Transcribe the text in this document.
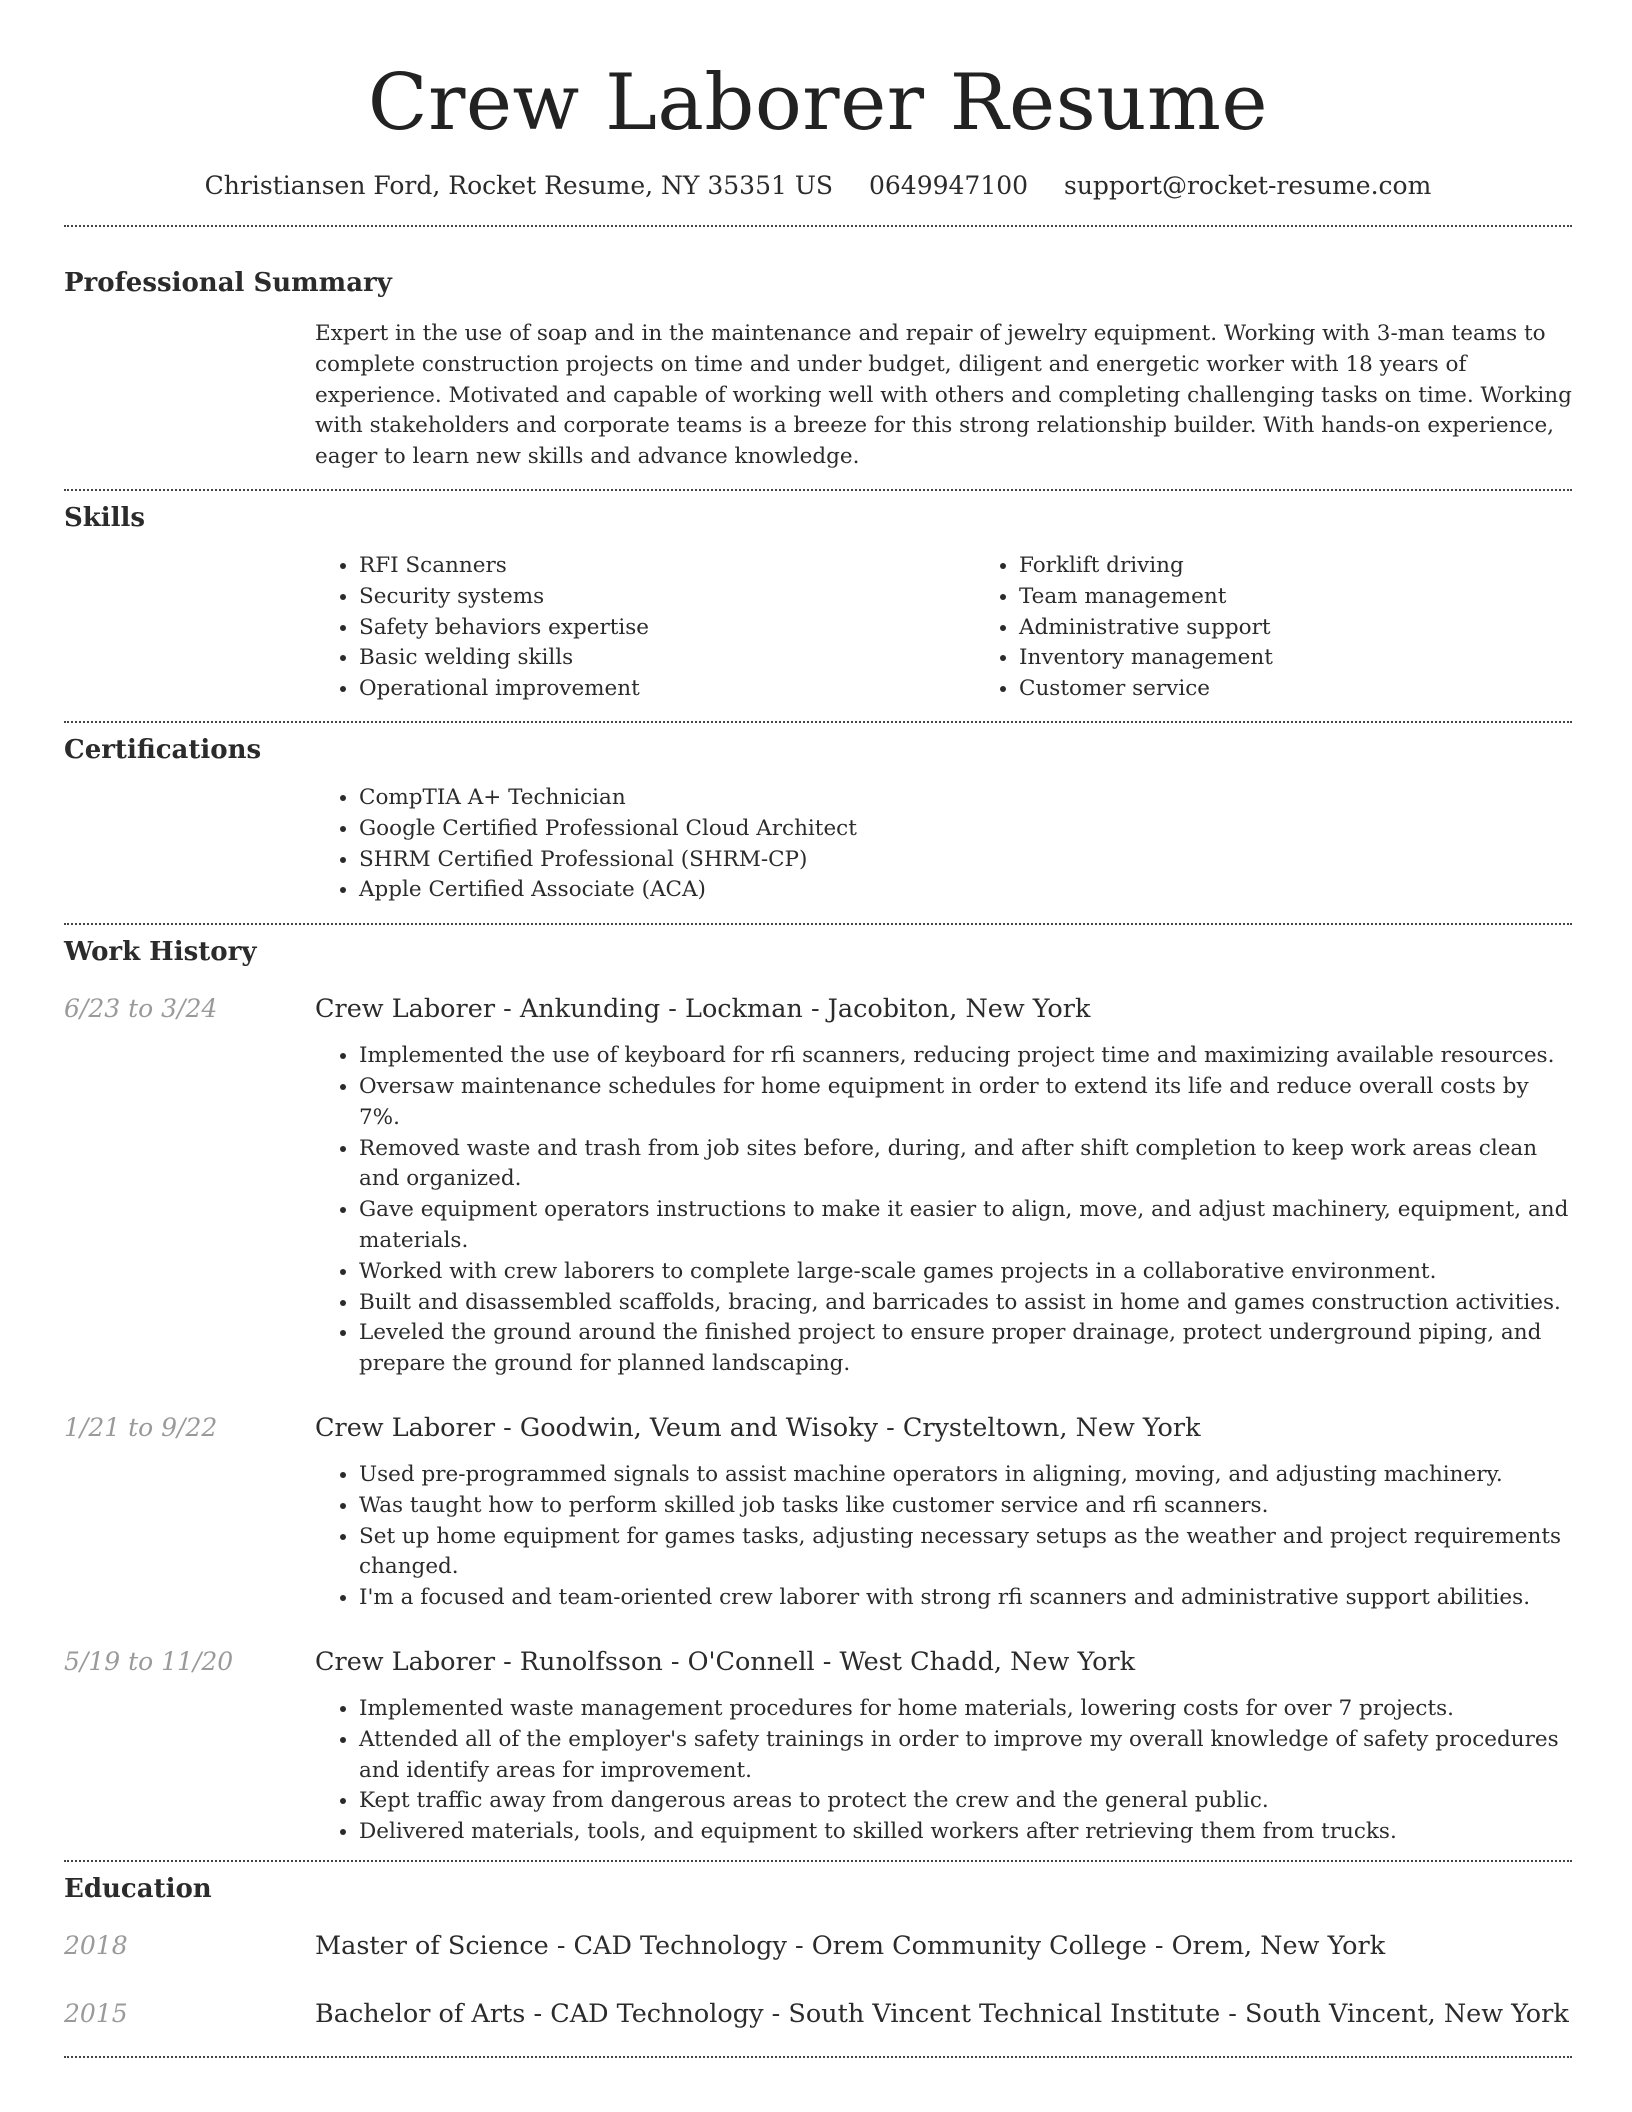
Crew Laborer Resume
Christiansen Ford, Rocket Resume, NY 35351 US 0649947100 support@rocket-resume.com
Professional Summary
Expert in the use of soap and in the maintenance and repair of jewelry equipment. Working with 3-man teams to complete construction projects on time and under budget, diligent and energetic worker with 18 years of experience. Motivated and capable of working well with others and completing challenging tasks on time. Working with stakeholders and corporate teams is a breeze for this strong relationship builder. With hands-on experience, eager to learn new skills and advance knowledge.
Skills
• RFI Scanners
• Security systems
• Safety behaviors expertise
• Basic welding skills
• Operational improvement
• Forklift driving
• Team management
• Administrative support
• Inventory management
• Customer service
Certifications
• CompTIA A+ Technician
• Google Certified Professional Cloud Architect
• SHRM Certified Professional (SHRM-CP)
• Apple Certified Associate (ACA)
Work History
6/23 to 3/24	Crew Laborer - Ankunding - Lockman - Jacobiton, New York
• Implemented the use of keyboard for rfi scanners, reducing project time and maximizing available resources.
• Oversaw maintenance schedules for home equipment in order to extend its life and reduce overall costs by 7%.
• Removed waste and trash from job sites before, during, and after shift completion to keep work areas clean and organized.
• Gave equipment operators instructions to make it easier to align, move, and adjust machinery, equipment, and materials.
• Worked with crew laborers to complete large-scale games projects in a collaborative environment.
• Built and disassembled scaffolds, bracing, and barricades to assist in home and games construction activities.
• Leveled the ground around the finished project to ensure proper drainage, protect underground piping, and prepare the ground for planned landscaping.
1/21 to 9/22	Crew Laborer - Goodwin, Veum and Wisoky - Crysteltown, New York
• Used pre-programmed signals to assist machine operators in aligning, moving, and adjusting machinery.
• Was taught how to perform skilled job tasks like customer service and rfi scanners.
• Set up home equipment for games tasks, adjusting necessary setups as the weather and project requirements changed.
• I'm a focused and team-oriented crew laborer with strong rfi scanners and administrative support abilities.
5/19 to 11/20	Crew Laborer - Runolfsson - O'Connell - West Chadd, New York
• Implemented waste management procedures for home materials, lowering costs for over 7 projects.
• Attended all of the employer's safety trainings in order to improve my overall knowledge of safety procedures and identify areas for improvement.
• Kept traffic away from dangerous areas to protect the crew and the general public.
• Delivered materials, tools, and equipment to skilled workers after retrieving them from trucks.
Education
2018	Master of Science - CAD Technology - Orem Community College - Orem, New York
2015	Bachelor of Arts - CAD Technology - South Vincent Technical Institute - South Vincent, New York
